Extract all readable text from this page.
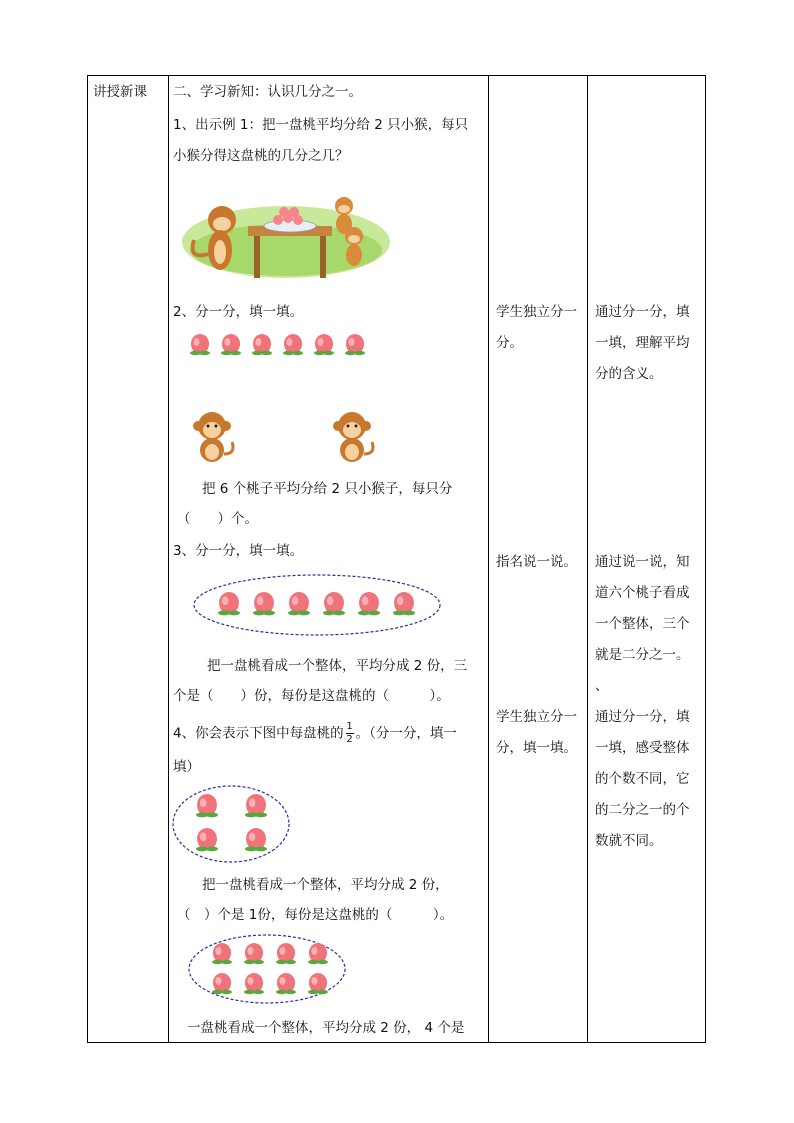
讲授新课 二、学习新知：认识几分之一。
1、出示例 1：把一盘桃平均分给 2 只小猴，每只
小猴分得这盘桃的几分之几？
2、分一分，填一填。
把 6 个桃子平均分给 2 只小猴子，每只分
（　　）个。
3、分一分，填一填。
把一盘桃看成一个整体，平均分成 2 份，三
个是（　　）份，每份是这盘桃的（　　　）。
4、你会表示下图中每盘桃的 $\frac{1}{2}$ 。（分一分，填一
填）
把一盘桃看成一个整体，平均分成 2 份，
（　）个是 1份，每份是这盘桃的（　　　）。
一盘桃看成一个整体，平均分成 2 份， 4 个是
学生独立分一
分。
指名说一说。
学生独立分一
分，填一填。
通过分一分，填
一填，理解平均
分的含义。
通过说一说，知
道六个桃子看成
一个整体，三个
就是二分之一。
、
通过分一分，填
一填，感受整体
的个数不同，它
的二分之一的个
数就不同。
